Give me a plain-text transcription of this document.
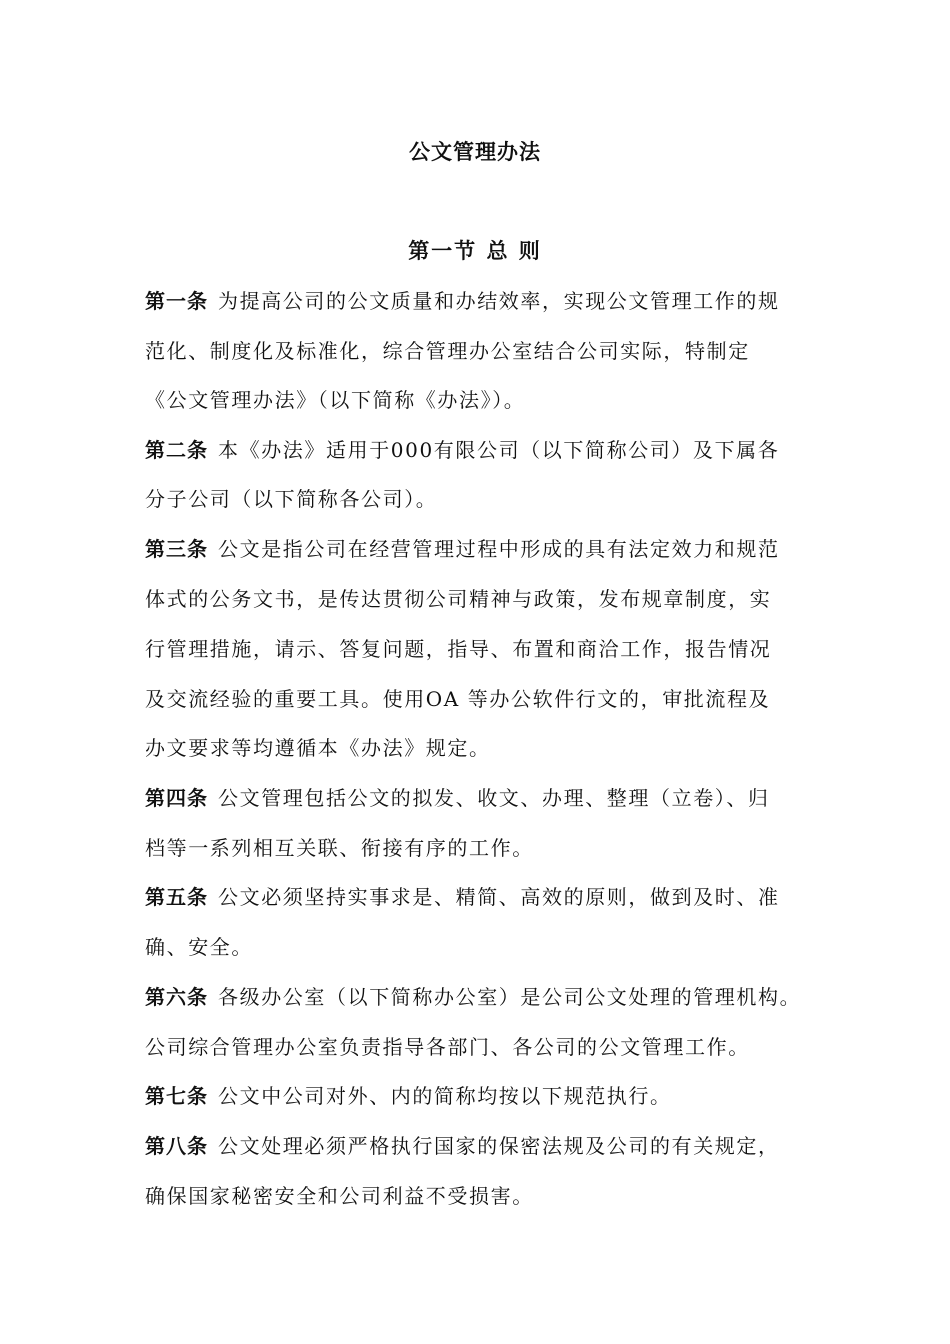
公文管理办法
第一节 总 则

第一条 为提高公司的公文质量和办结效率，实现公文管理工作的规

范化、制度化及标准化，综合管理办公室结合公司实际，特制定

《公文管理办法》（以下简称《办法》）。

第二条 本《办法》适用于000有限公司（以下简称公司）及下属各

分子公司（以下简称各公司）。

第三条 公文是指公司在经营管理过程中形成的具有法定效力和规范

体式的公务文书，是传达贯彻公司精神与政策，发布规章制度，实

行管理措施，请示、答复问题，指导、布置和商洽工作，报告情况

及交流经验的重要工具。使用OA 等办公软件行文的，审批流程及

办文要求等均遵循本《办法》规定。

第四条 公文管理包括公文的拟发、收文、办理、整理（立卷）、归

档等一系列相互关联、衔接有序的工作。

第五条 公文必须坚持实事求是、精简、高效的原则，做到及时、准

确、安全。

第六条 各级办公室（以下简称办公室）是公司公文处理的管理机构。

公司综合管理办公室负责指导各部门、各公司的公文管理工作。

第七条 公文中公司对外、内的简称均按以下规范执行。

第八条 公文处理必须严格执行国家的保密法规及公司的有关规定，

确保国家秘密安全和公司利益不受损害。
